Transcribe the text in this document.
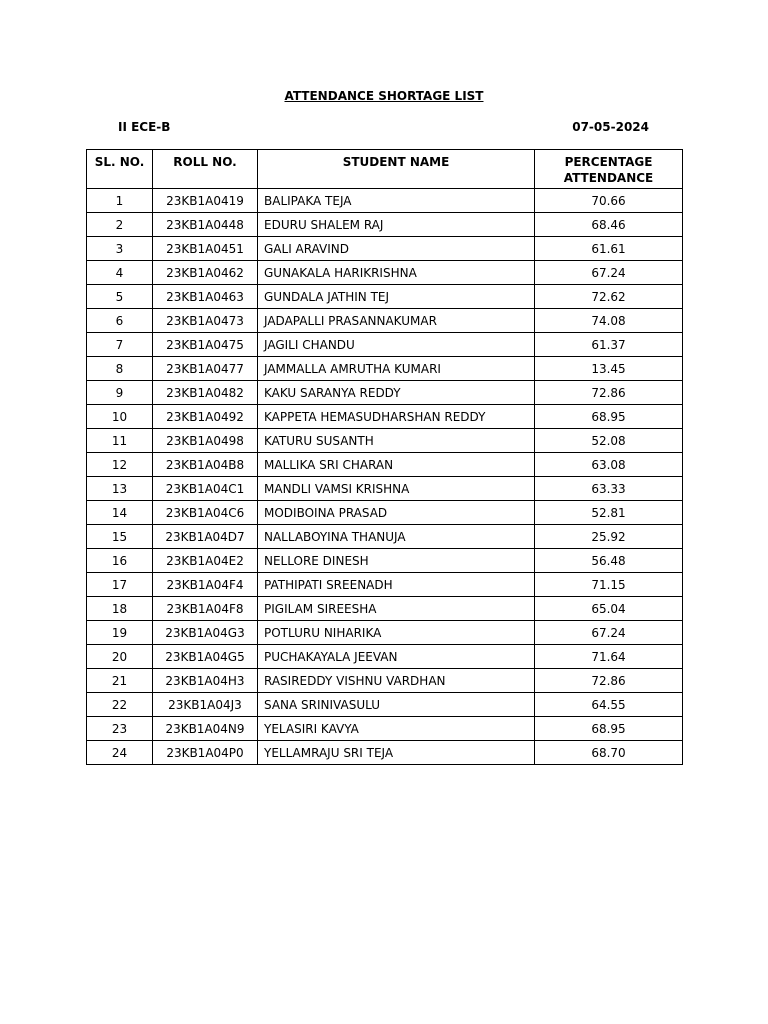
ATTENDANCE SHORTAGE LIST
II ECE-B	07-05-2024
SL. NO.	ROLL NO.	STUDENT NAME	PERCENTAGE ATTENDANCE
1	23KB1A0419	BALIPAKA TEJA	70.66
2	23KB1A0448	EDURU SHALEM RAJ	68.46
3	23KB1A0451	GALI ARAVIND	61.61
4	23KB1A0462	GUNAKALA HARIKRISHNA	67.24
5	23KB1A0463	GUNDALA JATHIN TEJ	72.62
6	23KB1A0473	JADAPALLI PRASANNAKUMAR	74.08
7	23KB1A0475	JAGILI CHANDU	61.37
8	23KB1A0477	JAMMALLA AMRUTHA KUMARI	13.45
9	23KB1A0482	KAKU SARANYA REDDY	72.86
10	23KB1A0492	KAPPETA HEMASUDHARSHAN REDDY	68.95
11	23KB1A0498	KATURU SUSANTH	52.08
12	23KB1A04B8	MALLIKA SRI CHARAN	63.08
13	23KB1A04C1	MANDLI VAMSI KRISHNA	63.33
14	23KB1A04C6	MODIBOINA PRASAD	52.81
15	23KB1A04D7	NALLABOYINA THANUJA	25.92
16	23KB1A04E2	NELLORE DINESH	56.48
17	23KB1A04F4	PATHIPATI SREENADH	71.15
18	23KB1A04F8	PIGILAM SIREESHA	65.04
19	23KB1A04G3	POTLURU NIHARIKA	67.24
20	23KB1A04G5	PUCHAKAYALA JEEVAN	71.64
21	23KB1A04H3	RASIREDDY VISHNU VARDHAN	72.86
22	23KB1A04J3	SANA SRINIVASULU	64.55
23	23KB1A04N9	YELASIRI KAVYA	68.95
24	23KB1A04P0	YELLAMRAJU SRI TEJA	68.70
